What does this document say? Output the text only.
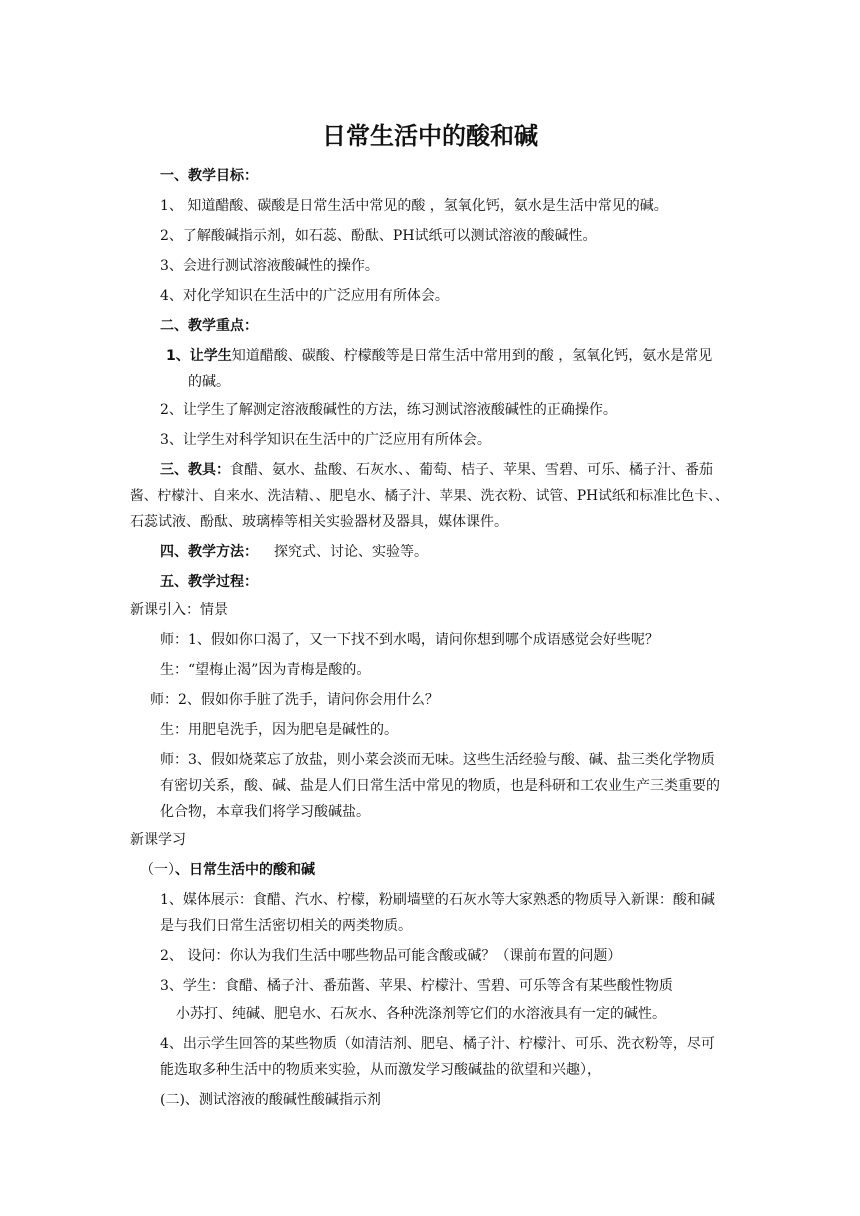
日常生活中的酸和碱
一、教学目标：
1、 知道醋酸、碳酸是日常生活中常见的酸 ，氢氧化钙，氨水是生活中常见的碱。
2、了解酸碱指示剂，如石蕊、酚酞、PH试纸可以测试溶液的酸碱性。
3、会进行测试溶液酸碱性的操作。
4、对化学知识在生活中的广泛应用有所体会。
二、教学重点：
1、让学生知道醋酸、碳酸、柠檬酸等是日常生活中常用到的酸 ，氢氧化钙，氨水是常见
的碱。
2、让学生了解测定溶液酸碱性的方法，练习测试溶液酸碱性的正确操作。
3、让学生对科学知识在生活中的广泛应用有所体会。
三、教具：食醋、氨水、盐酸、石灰水、、葡萄、桔子、苹果、雪碧、可乐、橘子汁、番茄
酱、柠檬汁、自来水、洗洁精、、肥皂水、橘子汁、苹果、洗衣粉、试管、PH试纸和标准比色卡、、
石蕊试液、酚酞、玻璃棒等相关实验器材及器具，媒体课件。
四、教学方法： 探究式、讨论、实验等。
五、教学过程：
新课引入：情景
师：1、假如你口渴了，又一下找不到水喝，请问你想到哪个成语感觉会好些呢？
生：“望梅止渴”因为青梅是酸的。
师：2、假如你手脏了洗手，请问你会用什么？
生：用肥皂洗手，因为肥皂是碱性的。
师：3、假如烧菜忘了放盐，则小菜会淡而无味。这些生活经验与酸、碱、盐三类化学物质
有密切关系，酸、碱、盐是人们日常生活中常见的物质，也是科研和工农业生产三类重要的
化合物，本章我们将学习酸碱盐。
新课学习
（一）、日常生活中的酸和碱
1、媒体展示：食醋、汽水、柠檬，粉刷墙壁的石灰水等大家熟悉的物质导入新课：酸和碱
是与我们日常生活密切相关的两类物质。
2、 设问：你认为我们生活中哪些物品可能含酸或碱？（课前布置的问题）
3、学生：食醋、橘子汁、番茄酱、苹果、柠檬汁、雪碧、可乐等含有某些酸性物质
小苏打、纯碱、肥皂水、石灰水、各种洗涤剂等它们的水溶液具有一定的碱性。
4、出示学生回答的某些物质（如清洁剂、肥皂、橘子汁、柠檬汁、可乐、洗衣粉等，尽可
能选取多种生活中的物质来实验，从而激发学习酸碱盐的欲望和兴趣），
(二)、测试溶液的酸碱性酸碱指示剂
